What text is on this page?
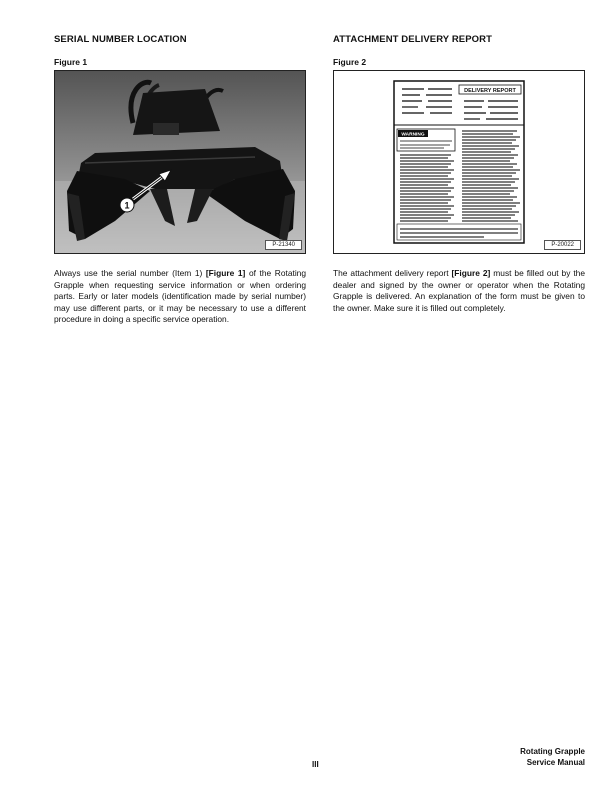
SERIAL NUMBER LOCATION
Figure 1
1
P-21340

Always use the serial number (Item 1) [Figure 1] of the Rotating Grapple when requesting service information or when ordering parts. Early or later models (identification made by serial number) may use different parts, or it may be necessary to use a different procedure in doing a specific service operation.

ATTACHMENT DELIVERY REPORT
Figure 2
DELIVERY REPORT
WARNING
P-20022

The attachment delivery report [Figure 2] must be filled out by the dealer and signed by the owner or operator when the Rotating Grapple is delivered. An explanation of the form must be given to the owner. Make sure it is filled out completely.

III
Rotating Grapple
Service Manual
